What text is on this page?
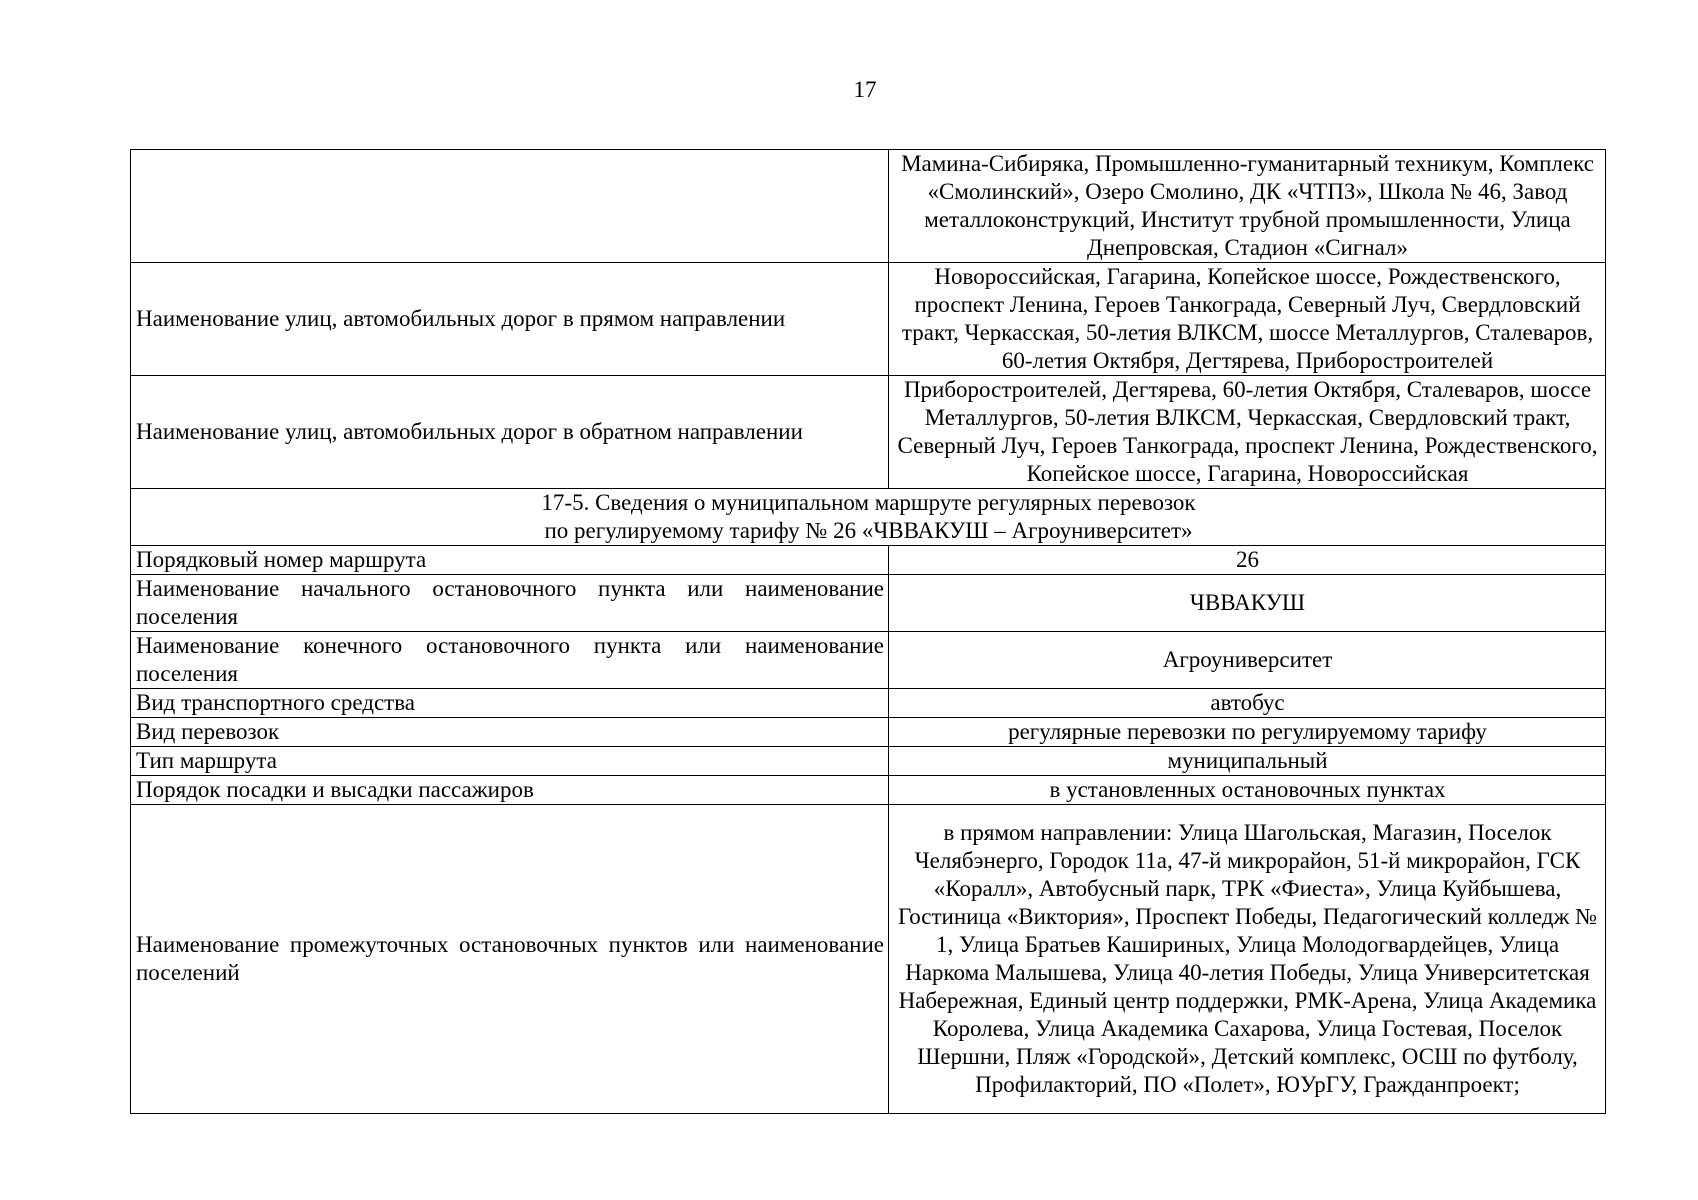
17
	Мамина-Сибиряка, Промышленно-гуманитарный техникум, Комплекс «Смолинский», Озеро Смолино, ДК «ЧТПЗ», Школа № 46, Завод металлоконструкций, Институт трубной промышленности, Улица Днепровская, Стадион «Сигнал»
Наименование улиц, автомобильных дорог в прямом направлении	Новороссийская, Гагарина, Копейское шоссе, Рождественского, проспект Ленина, Героев Танкограда, Северный Луч, Свердловский тракт, Черкасская, 50-летия ВЛКСМ, шоссе Металлургов, Сталеваров, 60-летия Октября, Дегтярева, Приборостроителей
Наименование улиц, автомобильных дорог в обратном направлении	Приборостроителей, Дегтярева, 60-летия Октября, Сталеваров, шоссе Металлургов, 50-летия ВЛКСМ, Черкасская, Свердловский тракт, Северный Луч, Героев Танкограда, проспект Ленина, Рождественского, Копейское шоссе, Гагарина, Новороссийская

17-5. Сведения о муниципальном маршруте регулярных перевозок
по регулируемому тарифу № 26 «ЧВВАКУШ – Агроуниверситет»	

Порядковый номер маршрута	26
Наименование начального остановочного пункта или наименование поселения	ЧВВАКУШ
Наименование конечного остановочного пункта или наименование поселения	Агроуниверситет
Вид транспортного средства	автобус
Вид перевозок	регулярные перевозки по регулируемому тарифу
Тип маршрута	муниципальный
Порядок посадки и высадки пассажиров	в установленных остановочных пунктах
Наименование промежуточных остановочных пунктов или наименование поселений	в прямом направлении: Улица Шагольская, Магазин, Поселок Челябэнерго, Городок 11а, 47-й микрорайон, 51-й микрорайон, ГСК «Коралл», Автобусный парк, ТРК «Фиеста», Улица Куйбышева, Гостиница «Виктория», Проспект Победы, Педагогический колледж № 1, Улица Братьев Кашириных, Улица Молодогвардейцев, Улица Наркома Малышева, Улица 40-летия Победы, Улица Университетская Набережная, Единый центр поддержки, РМК-Арена, Улица Академика Королева, Улица Академика Сахарова, Улица Гостевая, Поселок Шершни, Пляж «Городской», Детский комплекс, ОСШ по футболу, Профилакторий, ПО «Полет», ЮУрГУ, Гражданпроект;
